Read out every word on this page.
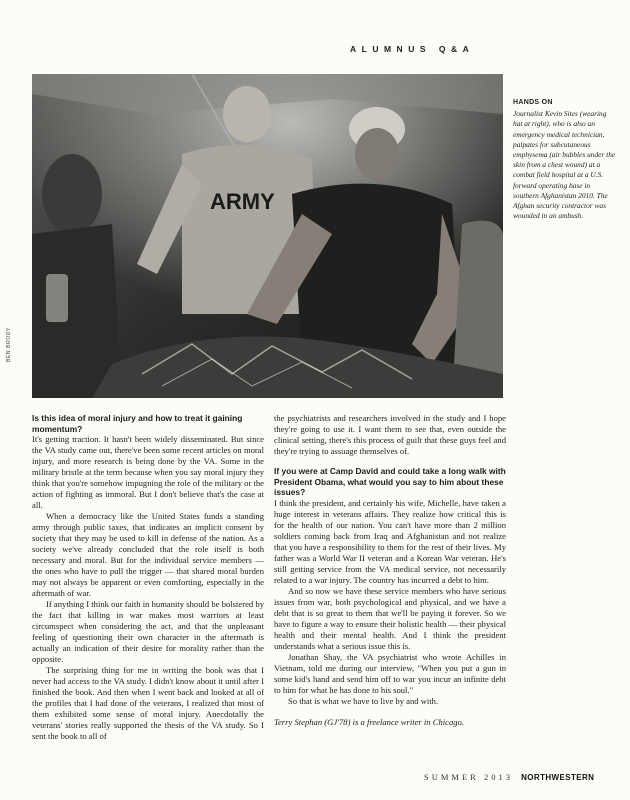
ALUMNUS Q&A
ARMY
BEN BRODY
HANDS ON
Journalist Kevin Sites (wearing hat at right), who is also an emergency medical technician, palpates for subcutaneous emphysema (air bubbles under the skin from a chest wound) at a combat field hospital at a U.S. forward operating base in southern Afghanistan 2010. The Afghan security contractor was wounded in an ambush.

Is this idea of moral injury and how to treat it gaining momentum?

It's getting traction. It hasn't been widely disseminated. But since the VA study came out, there've been some recent articles on moral injury, and more research is being done by the VA. Some in the military bristle at the term because when you say moral injury they think that you're somehow impugning the role of the military or the action of fighting as immoral. But I don't believe that's the case at all.

When a democracy like the United States funds a standing army through public taxes, that indicates an implicit consent by society that they may be used to kill in defense of the nation. As a society we've already concluded that the role itself is both necessary and moral. But for the individual service members — the ones who have to pull the trigger — that shared moral burden may not always be apparent or even comforting, especially in the aftermath of war.

If anything I think our faith in humanity should be bolstered by the fact that killing in war makes most warriors at least circumspect when considering the act, and that the unpleasant feeling of questioning their own character in the aftermath is actually an indication of their desire for morality rather than the opposite.

The surprising thing for me in writing the book was that I never had access to the VA study. I didn't know about it until after I finished the book. And then when I went back and looked at all of the profiles that I had done of the veterans, I realized that most of them exhibited some sense of moral injury. Anecdotally the veterans' stories really supported the thesis of the VA study. So I sent the book to all of

the psychiatrists and researchers involved in the study and I hope they're going to use it. I want them to see that, even outside the clinical setting, there's this process of guilt that these guys feel and they're trying to assuage themselves of.

If you were at Camp David and could take a long walk with President Obama, what would you say to him about these issues?

I think the president, and certainly his wife, Michelle, have taken a huge interest in veterans affairs. They realize how critical this is for the health of our nation. You can't have more than 2 million soldiers coming back from Iraq and Afghanistan and not realize that you have a responsibility to them for the rest of their lives. My father was a World War II veteran and a Korean War veteran. He's still getting service from the VA medical service, not necessarily related to a war injury. The country has incurred a debt to him.

And so now we have these service members who have serious issues from war, both psychological and physical, and we have a debt that is so great to them that we'll be paying it forever. So we have to figure a way to ensure their holistic health — their physical health and their mental health. And I think the president understands what a serious issue this is.

Jonathan Shay, the VA psychiatrist who wrote Achilles in Vietnam, told me during our interview, "When you put a gun in some kid's hand and send him off to war you incur an infinite debt to him for what he has done to his soul."

So that is what we have to live by and with.

Terry Stephan (GJ'78) is a freelance writer in Chicago.

SUMMER 2013 NORTHWESTERN
